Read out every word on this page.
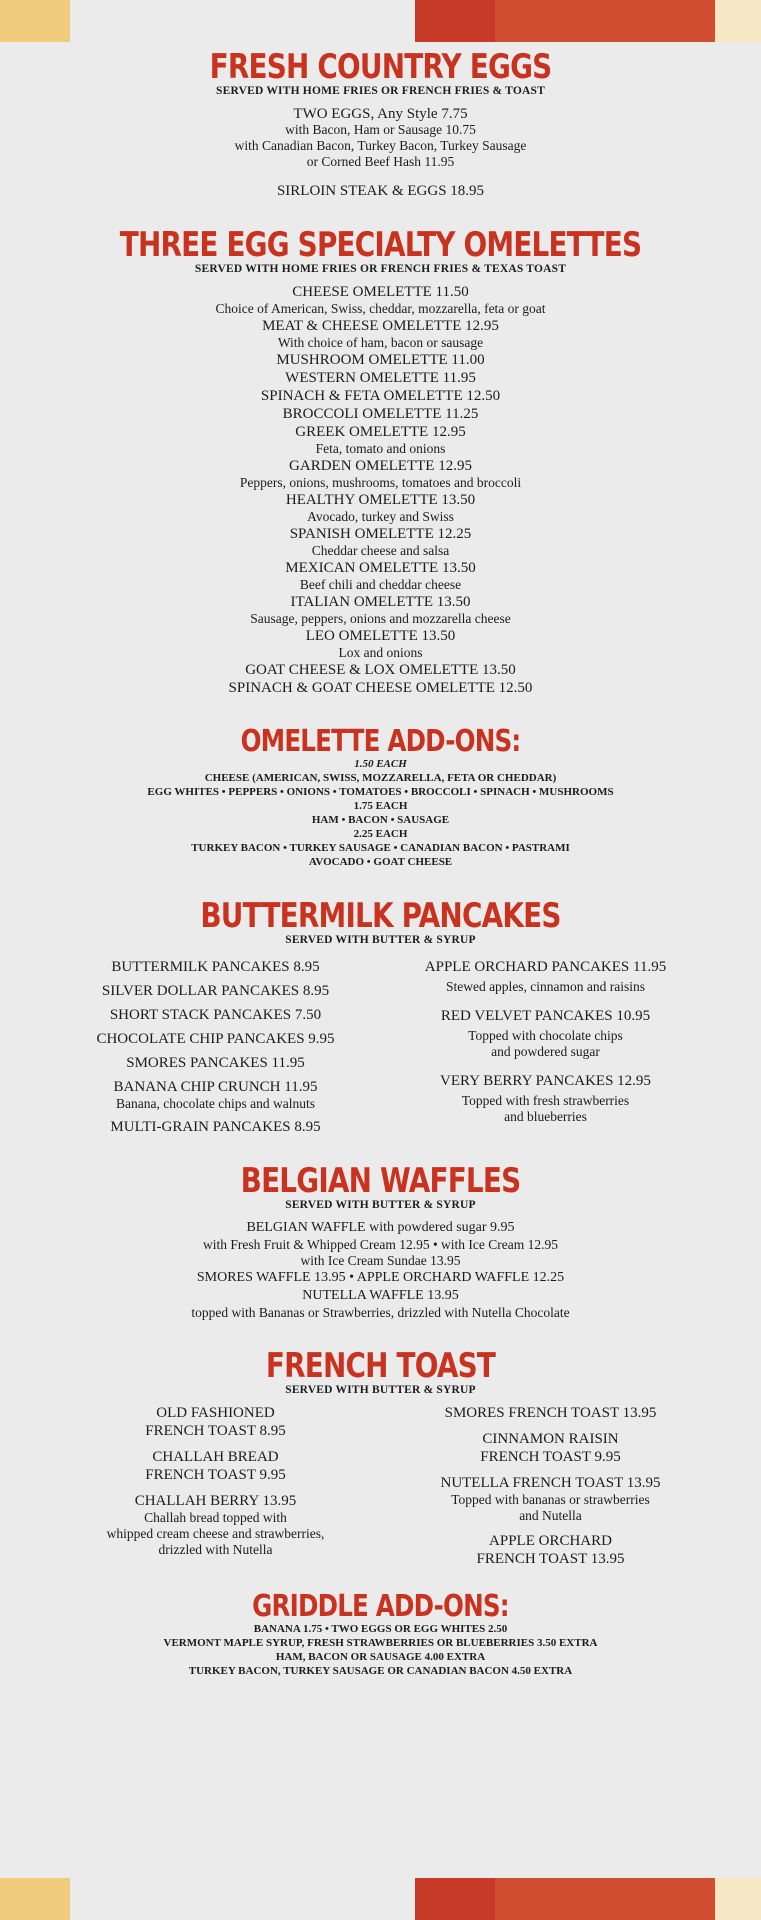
FRESH COUNTRY EGGS
SERVED WITH HOME FRIES OR FRENCH FRIES & TOAST
TWO EGGS, Any Style 7.75
with Bacon, Ham or Sausage 10.75
with Canadian Bacon, Turkey Bacon, Turkey Sausage
or Corned Beef Hash 11.95
SIRLOIN STEAK & EGGS 18.95
THREE EGG SPECIALTY OMELETTES
SERVED WITH HOME FRIES OR FRENCH FRIES & TEXAS TOAST
CHEESE OMELETTE 11.50
Choice of American, Swiss, cheddar, mozzarella, feta or goat
MEAT & CHEESE OMELETTE 12.95
With choice of ham, bacon or sausage
MUSHROOM OMELETTE 11.00
WESTERN OMELETTE 11.95
SPINACH & FETA OMELETTE 12.50
BROCCOLI OMELETTE 11.25
GREEK OMELETTE 12.95
Feta, tomato and onions
GARDEN OMELETTE 12.95
Peppers, onions, mushrooms, tomatoes and broccoli
HEALTHY OMELETTE 13.50
Avocado, turkey and Swiss
SPANISH OMELETTE 12.25
Cheddar cheese and salsa
MEXICAN OMELETTE 13.50
Beef chili and cheddar cheese
ITALIAN OMELETTE 13.50
Sausage, peppers, onions and mozzarella cheese
LEO OMELETTE 13.50
Lox and onions
GOAT CHEESE & LOX OMELETTE 13.50
SPINACH & GOAT CHEESE OMELETTE 12.50
OMELETTE ADD-ONS:
1.50 EACH
CHEESE (AMERICAN, SWISS, MOZZARELLA, FETA OR CHEDDAR)
EGG WHITES • PEPPERS • ONIONS • TOMATOES • BROCCOLI • SPINACH • MUSHROOMS
1.75 EACH
HAM • BACON • SAUSAGE
2.25 EACH
TURKEY BACON • TURKEY SAUSAGE • CANADIAN BACON • PASTRAMI
AVOCADO • GOAT CHEESE
BUTTERMILK PANCAKES
SERVED WITH BUTTER & SYRUP
BUTTERMILK PANCAKES 8.95
SILVER DOLLAR PANCAKES 8.95
SHORT STACK PANCAKES 7.50
CHOCOLATE CHIP PANCAKES 9.95
SMORES PANCAKES 11.95
BANANA CHIP CRUNCH 11.95
Banana, chocolate chips and walnuts
MULTI-GRAIN PANCAKES 8.95
APPLE ORCHARD PANCAKES 11.95
Stewed apples, cinnamon and raisins
RED VELVET PANCAKES 10.95
Topped with chocolate chips
and powdered sugar
VERY BERRY PANCAKES 12.95
Topped with fresh strawberries
and blueberries
BELGIAN WAFFLES
SERVED WITH BUTTER & SYRUP
BELGIAN WAFFLE with powdered sugar 9.95
with Fresh Fruit & Whipped Cream 12.95 • with Ice Cream 12.95
with Ice Cream Sundae 13.95
SMORES WAFFLE 13.95 • APPLE ORCHARD WAFFLE 12.25
NUTELLA WAFFLE 13.95
topped with Bananas or Strawberries, drizzled with Nutella Chocolate
FRENCH TOAST
SERVED WITH BUTTER & SYRUP
OLD FASHIONED
FRENCH TOAST 8.95
CHALLAH BREAD
FRENCH TOAST 9.95
CHALLAH BERRY 13.95
Challah bread topped with
whipped cream cheese and strawberries,
drizzled with Nutella
SMORES FRENCH TOAST 13.95
CINNAMON RAISIN
FRENCH TOAST 9.95
NUTELLA FRENCH TOAST 13.95
Topped with bananas or strawberries
and Nutella
APPLE ORCHARD
FRENCH TOAST 13.95
GRIDDLE ADD-ONS:
BANANA 1.75 • TWO EGGS OR EGG WHITES 2.50
VERMONT MAPLE SYRUP, FRESH STRAWBERRIES OR BLUEBERRIES 3.50 EXTRA
HAM, BACON OR SAUSAGE 4.00 EXTRA
TURKEY BACON, TURKEY SAUSAGE OR CANADIAN BACON 4.50 EXTRA
